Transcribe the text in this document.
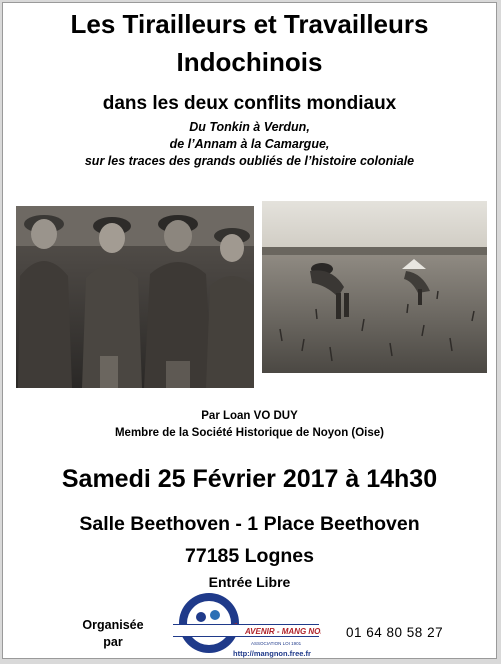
Les Tirailleurs et Travailleurs
Indochinois
dans les deux conflits mondiaux
Du Tonkin à Verdun,
de l’Annam à la Camargue,
sur les traces des grands oubliés de l’histoire coloniale
Par Loan VO DUY
Membre de la Société Historique de Noyon (Oise)
Samedi 25 Février 2017 à 14h30
Salle Beethoven - 1 Place Beethoven
77185 Lognes
Entrée Libre
Organisée
par
AVENIR - MANG NON
ASSOCIATION LOI 1901
http://mangnon.free.fr
01 64 80 58 27
